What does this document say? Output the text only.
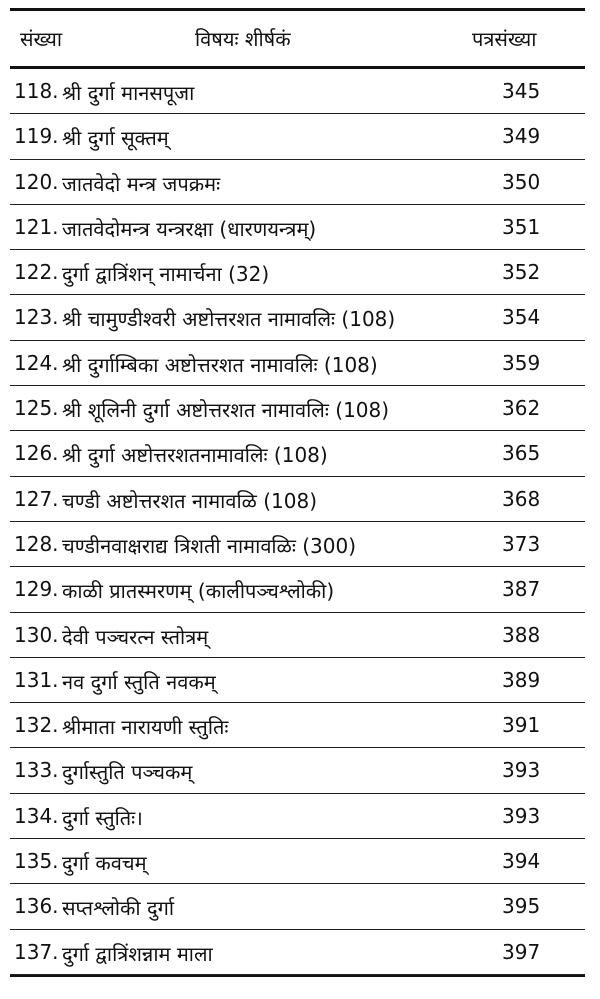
संख्या	विषयः शीर्षकं	पत्रसंख्या
118. श्री दुर्गा मानसपूजा	345
119. श्री दुर्गा सूक्तम्	349
120. जातवेदो मन्त्र जपक्रमः	350
121. जातवेदोमन्त्र यन्त्ररक्षा (धारणयन्त्रम्)	351
122. दुर्गा द्वात्रिंशन् नामार्चना (32)	352
123. श्री चामुण्डीश्वरी अष्टोत्तरशत नामावलिः (108)	354
124. श्री दुर्गाम्बिका अष्टोत्तरशत नामावलिः (108)	359
125. श्री शूलिनी दुर्गा अष्टोत्तरशत नामावलिः (108)	362
126. श्री दुर्गा अष्टोत्तरशतनामावलिः (108)	365
127. चण्डी अष्टोत्तरशत नामावळि (108)	368
128. चण्डीनवाक्षराद्य त्रिशती नामावळिः (300)	373
129. काळी प्रातस्मरणम् (कालीपञ्चश्लोकी)	387
130. देवी पञ्चरत्न स्तोत्रम्	388
131. नव दुर्गा स्तुति नवकम्	389
132. श्रीमाता नारायणी स्तुतिः	391
133. दुर्गास्तुति पञ्चकम्	393
134. दुर्गा स्तुतिः।	393
135. दुर्गा कवचम्	394
136. सप्तश्लोकी दुर्गा	395
137. दुर्गा द्वात्रिंशन्नाम माला	397
